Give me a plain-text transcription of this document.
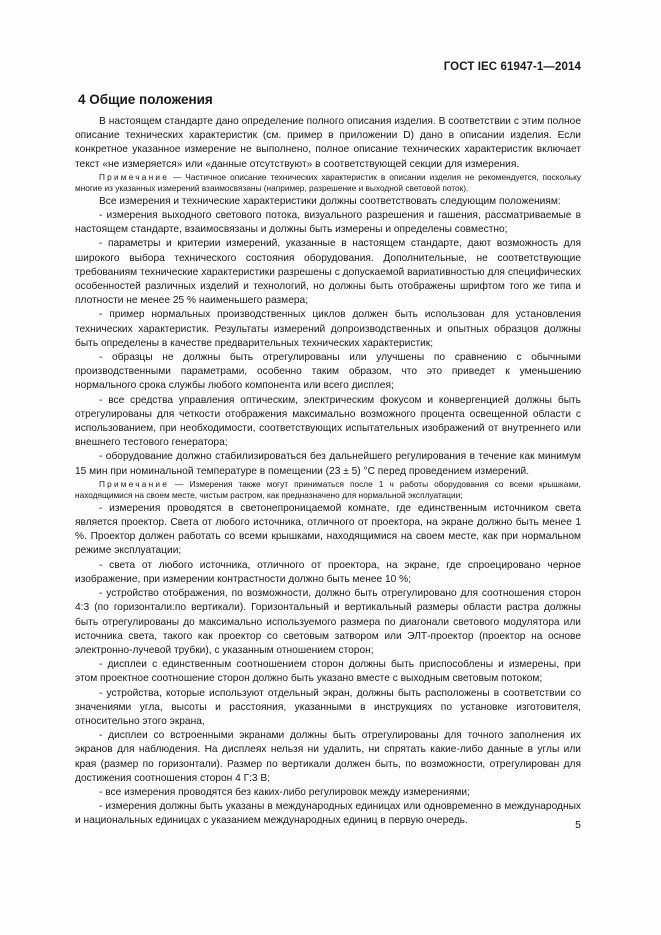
ГОСТ IEC 61947-1—2014
4 Общие положения

В настоящем стандарте дано определение полного описания изделия. В соответствии с этим полное описание технических характеристик (см. пример в приложении D) дано в описании изделия. Если конкретное указанное измерение не выполнено, полное описание технических характеристик включает текст «не измеряется» или «данные отсутствуют» в соответствующей секции для измерения.

Примечание — Частичное описание технических характеристик в описании изделия не рекомендуется, поскольку многие из указанных измерений взаимосвязаны (например, разрешение и выходной световой поток).

Все измерения и технические характеристики должны соответствовать следующим положениям:

- измерения выходного светового потока, визуального разрешения и гашения, рассматриваемые в настоящем стандарте, взаимосвязаны и должны быть измерены и определены совместно;

- параметры и критерии измерений, указанные в настоящем стандарте, дают возможность для широкого выбора технического состояния оборудования. Дополнительные, не соответствующие требованиям технические характеристики разрешены с допускаемой вариативностью для специфических особенностей различных изделий и технологий, но должны быть отображены шрифтом того же типа и плотности не менее 25 % наименьшего размера;

- пример нормальных производственных циклов должен быть использован для установления технических характеристик. Результаты измерений допроизводственных и опытных образцов должны быть определены в качестве предварительных технических характеристик;

- образцы не должны быть отрегулированы или улучшены по сравнению с обычными производственными параметрами, особенно таким образом, что это приведет к уменьшению нормального срока службы любого компонента или всего дисплея;

- все средства управления оптическим, электрическим фокусом и конвергенцией должны быть отрегулированы для четкости отображения максимально возможного процента освещенной области с использованием, при необходимости, соответствующих испытательных изображений от внутреннего или внешнего тестового генератора;

- оборудование должно стабилизироваться без дальнейшего регулирования в течение как минимум 15 мин при номинальной температуре в помещении (23 ± 5) °С перед проведением измерений.

Примечание — Измерения также могут приниматься после 1 ч работы оборудования со всеми крышками, находящимися на своем месте, чистым растром, как предназначено для нормальной эксплуатации;

- измерения проводятся в светонепроницаемой комнате, где единственным источником света является проектор. Света от любого источника, отличного от проектора, на экране должно быть менее 1 %. Проектор должен работать со всеми крышками, находящимися на своем месте, как при нормальном режиме эксплуатации;

- света от любого источника, отличного от проектора, на экране, где спроецировано черное изображение, при измерении контрастности должно быть менее 10 %;

- устройство отображения, по возможности, должно быть отрегулировано для соотношения сторон 4:3 (по горизонтали:по вертикали). Горизонтальный и вертикальный размеры области растра должны быть отрегулированы до максимально используемого размера по диагонали светового модулятора или источника света, такого как проектор со световым затвором или ЭЛТ-проектор (проектор на основе электронно-лучевой трубки), с указанным отношением сторон;

- дисплеи с единственным соотношением сторон должны быть приспособлены и измерены, при этом проектное соотношение сторон должно быть указано вместе с выходным световым потоком;

- устройства, которые используют отдельный экран, должны быть расположены в соответствии со значениями угла, высоты и расстояния, указанными в инструкциях по установке изготовителя, относительно этого экрана,

- дисплеи со встроенными экранами должны быть отрегулированы для точного заполнения их экранов для наблюдения. На дисплеях нельзя ни удалить, ни спрятать какие-либо данные в углы или края (размер по горизонтали). Размер по вертикали должен быть, по возможности, отрегулирован для достижения соотношения сторон 4 Г:3 В;

- все измерения проводятся без каких-либо регулировок между измерениями;

- измерения должны быть указаны в международных единицах или одновременно в международных и национальных единицах с указанием международных единиц в первую очередь.	5
